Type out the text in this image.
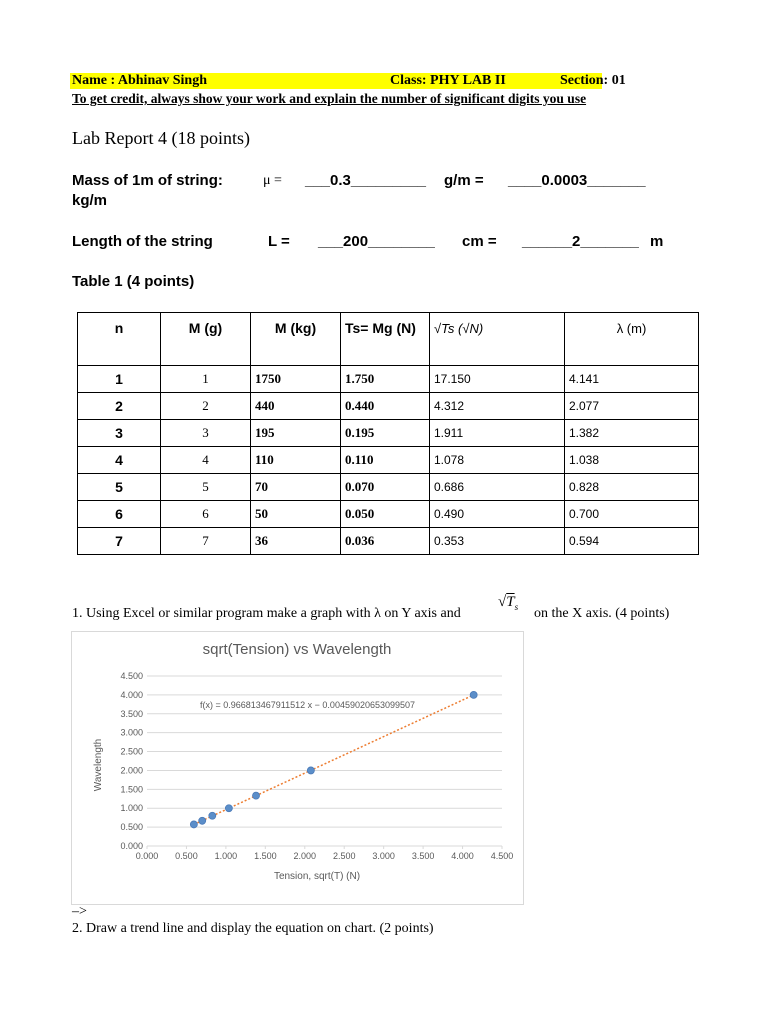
Name : Abhinav Singh	Class: PHY LAB II	Section: 01
To get credit, always show your work and explain the number of significant digits you use
Lab Report 4 (18 points)
Mass of 1m of string:	μ = ___0.3_________ g/m = ____0.0003_______
kg/m
Length of the string	L = ___200________ cm = ______2_______ m
Table 1 (4 points)
n	M (g)	M (kg)	Ts= Mg (N)	√Ts (√N)	λ (m)
1	1	1750	1.750	17.150	4.141
2	2	440	0.440	4.312	2.077
3	3	195	0.195	1.911	1.382
4	4	110	0.110	1.078	1.038
5	5	70	0.070	0.686	0.828
6	6	50	0.050	0.490	0.700
7	7	36	0.036	0.353	0.594
1. Using Excel or similar program make a graph with λ on Y axis and
$√T_s$ on the X axis. (4 points)
sqrt(Tension) vs Wavelength
0.000
0.500
1.000
1.500
2.000
2.500
3.000
3.500
4.000
4.500
0.000 0.500 1.000 1.500 2.000 2.500 3.000 3.500 4.000 4.500
f(x) = 0.966813467911512 x − 0.00459020653099507
Wavelength
Tension, sqrt(T) (N)
–>
2. Draw a trend line and display the equation on chart. (2 points)
